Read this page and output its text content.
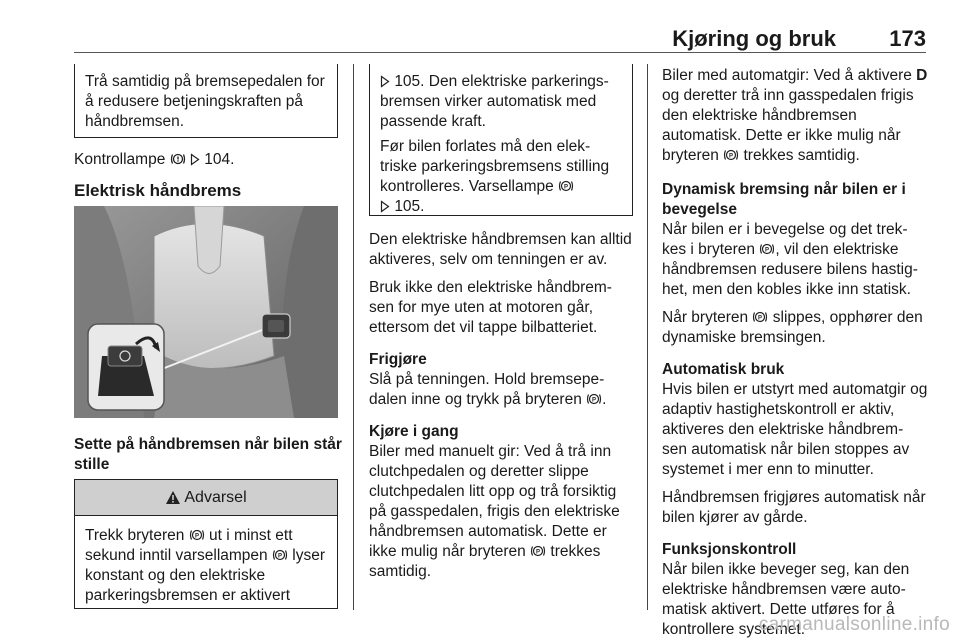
Kjøring og bruk 173

Trå samtidig på bremsepedalen for å redusere betjeningskraften på håndbremsen.

Kontrollampe	104.

Elektrisk håndbrems

Sette på håndbremsen når bilen står stille
Advarsel
Trekk bryteren P ut i minst ett sekund inntil varsellampen P lyser konstant og den elektriske parkeringsbremsen er aktivert

105. Den elektriske parkerings- bremsen virker automatisk med passende kraft.

Før bilen forlates må den elek- triske parkeringsbremsens stilling kontrolleres. Varsellampe P

105.

Den elektriske håndbremsen kan alltid aktiveres, selv om tenningen er av.

Bruk ikke den elektriske håndbrem- sen for mye uten at motoren går, ettersom det vil tappe bilbatteriet.

Frigjøre

Slå på tenningen. Hold bremsepe- dalen inne og trykk på bryteren P .

Kjøre i gang

Biler med manuelt gir: Ved å trå inn clutchpedalen og deretter slippe clutchpedalen litt opp og trå forsiktig på gasspedalen, frigis den elektriske håndbremsen automatisk. Dette er ikke mulig når bryteren P trekkes samtidig.

Biler med automatgir: Ved å aktivere D og deretter trå inn gasspedalen frigis den elektriske håndbremsen automatisk. Dette er ikke mulig når bryteren P trekkes samtidig.

Dynamisk bremsing når bilen er i bevegelse

Når bilen er i bevegelse og det trek- kes i bryteren P , vil den elektriske håndbremsen redusere bilens hastig- het, men den kobles ikke inn statisk.

Når bryteren P slippes, opphører den dynamiske bremsingen.

Automatisk bruk

Hvis bilen er utstyrt med automatgir og adaptiv hastighetskontroll er aktiv, aktiveres den elektriske håndbrem- sen automatisk når bilen stoppes av systemet i mer enn to minutter.

Håndbremsen frigjøres automatisk når bilen kjører av gårde.

Funksjonskontroll

Når bilen ikke beveger seg, kan den elektriske håndbremsen være auto- matisk aktivert. Dette utføres for å kontrollere systemet.

carmanualsonline.info
